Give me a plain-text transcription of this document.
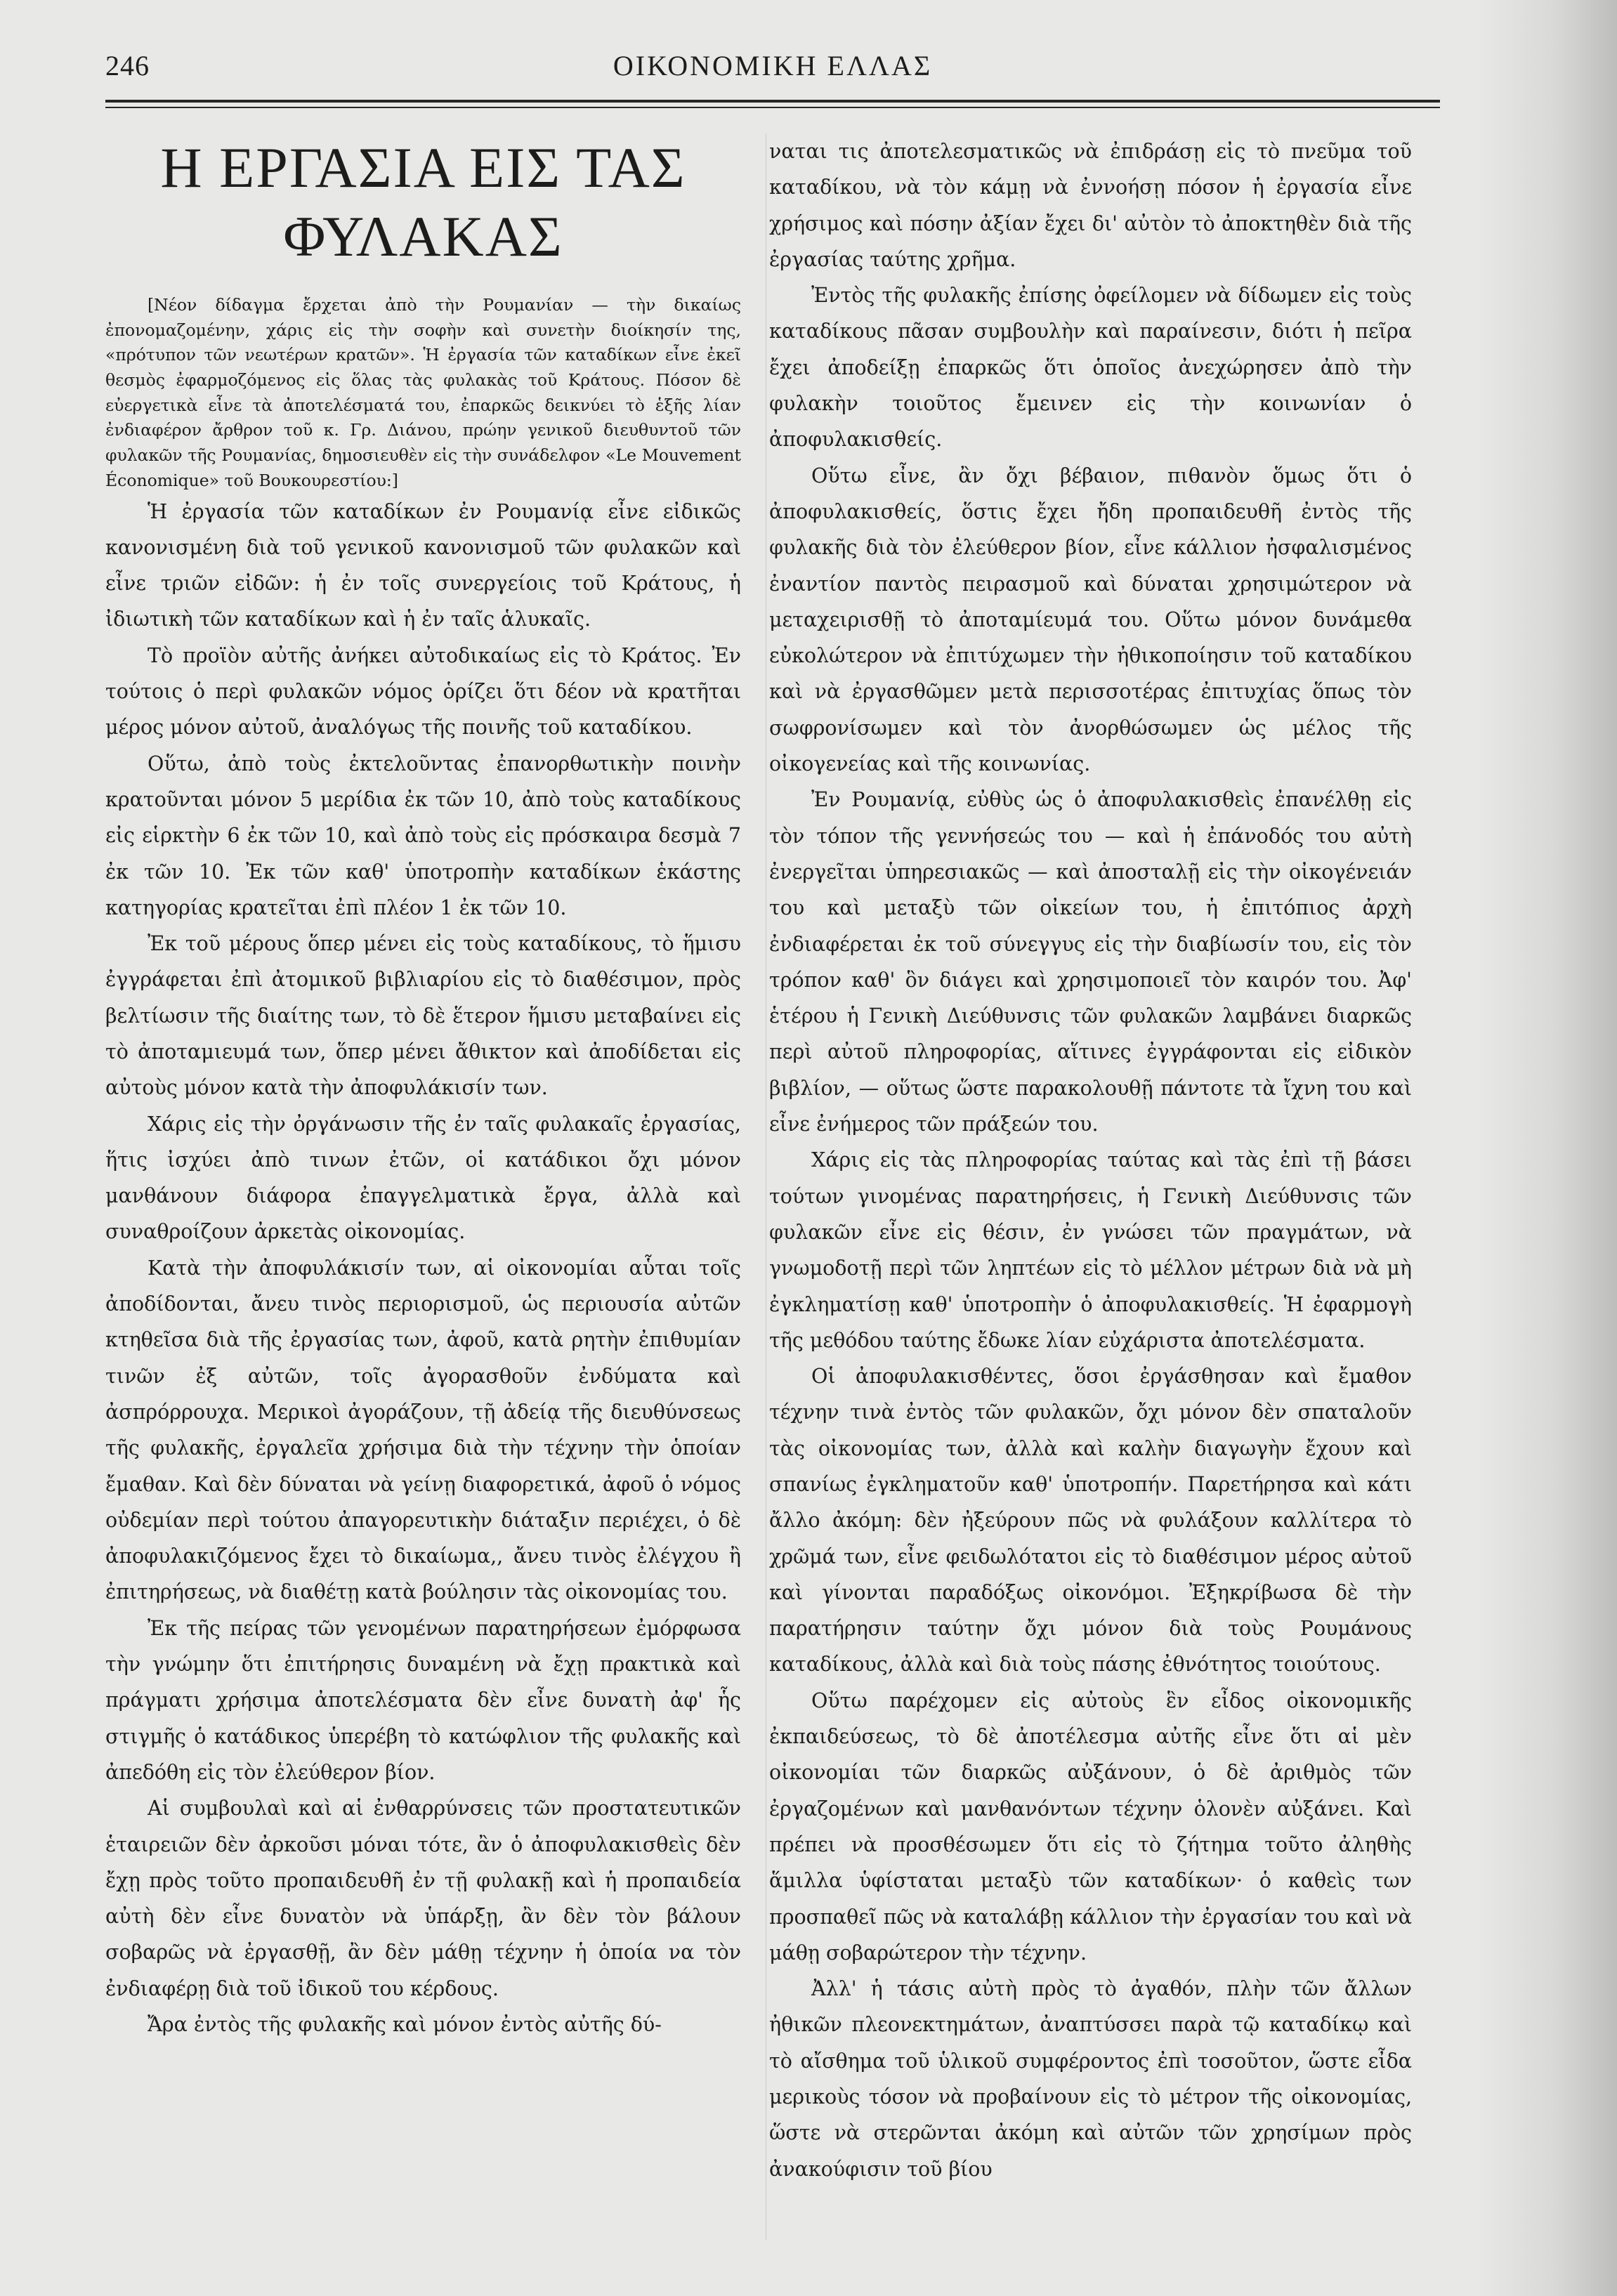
246	ΟΙΚΟΝΟΜΙΚΗ ΕΛΛΑΣ
Η ΕΡΓΑΣΙΑ ΕΙΣ ΤΑΣ ΦΥΛΑΚΑΣ

[Νέον δίδαγμα ἔρχεται ἀπὸ τὴν Ρουμανίαν — τὴν δικαίως ἐπονομαζομένην, χάρις εἰς τὴν σοφὴν καὶ συνετὴν διοίκησίν της, «πρότυπον τῶν νεωτέρων κρατῶν». Ἡ ἐργασία τῶν καταδίκων εἶνε ἐκεῖ θεσμὸς ἐφαρμοζόμενος εἰς ὅλας τὰς φυλακὰς τοῦ Κράτους. Πόσον δὲ εὐεργετικὰ εἶνε τὰ ἀποτελέσματά του, ἐπαρκῶς δεικνύει τὸ ἑξῆς λίαν ἐνδιαφέρον ἄρθρον τοῦ κ. Γρ. Διάνου, πρώην γενικοῦ διευθυντοῦ τῶν φυλακῶν τῆς Ρουμανίας, δημοσιευθὲν εἰς τὴν συνάδελφον «Le Mouvement Économique» τοῦ Βουκουρεστίου:]

Ἡ ἐργασία τῶν καταδίκων ἐν Ρουμανίᾳ εἶνε εἰδικῶς κανονισμένη διὰ τοῦ γενικοῦ κανονισμοῦ τῶν φυλακῶν καὶ εἶνε τριῶν εἰδῶν: ἡ ἐν τοῖς συνεργείοις τοῦ Κράτους, ἡ ἰδιωτικὴ τῶν καταδίκων καὶ ἡ ἐν ταῖς ἁλυκαῖς.

Τὸ προϊὸν αὐτῆς ἀνήκει αὐτοδικαίως εἰς τὸ Κράτος. Ἐν τούτοις ὁ περὶ φυλακῶν νόμος ὁρίζει ὅτι δέον νὰ κρατῆται μέρος μόνον αὐτοῦ, ἀναλόγως τῆς ποινῆς τοῦ καταδίκου.

Οὕτω, ἀπὸ τοὺς ἐκτελοῦντας ἐπανορθωτικὴν ποινὴν κρατοῦνται μόνον 5 μερίδια ἐκ τῶν 10, ἀπὸ τοὺς καταδίκους εἰς εἱρκτὴν 6 ἐκ τῶν 10, καὶ ἀπὸ τοὺς εἰς πρόσκαιρα δεσμὰ 7 ἐκ τῶν 10. Ἐκ τῶν καθ' ὑποτροπὴν καταδίκων ἑκάστης κατηγορίας κρατεῖται ἐπὶ πλέον 1 ἐκ τῶν 10.

Ἐκ τοῦ μέρους ὅπερ μένει εἰς τοὺς καταδίκους, τὸ ἥμισυ ἐγγράφεται ἐπὶ ἀτομικοῦ βιβλιαρίου εἰς τὸ διαθέσιμον, πρὸς βελτίωσιν τῆς διαίτης των, τὸ δὲ ἕτερον ἥμισυ μεταβαίνει εἰς τὸ ἀποταμιευμά των, ὅπερ μένει ἄθικτον καὶ ἀποδίδεται εἰς αὐτοὺς μόνον κατὰ τὴν ἀποφυλάκισίν των.

Χάρις εἰς τὴν ὀργάνωσιν τῆς ἐν ταῖς φυλακαῖς ἐργασίας, ἥτις ἰσχύει ἀπὸ τινων ἐτῶν, οἱ κατάδικοι ὄχι μόνον μανθάνουν διάφορα ἐπαγγελματικὰ ἔργα, ἀλλὰ καὶ συναθροίζουν ἀρκετὰς οἰκονομίας.

Κατὰ τὴν ἀποφυλάκισίν των, αἱ οἰκονομίαι αὗται τοῖς ἀποδίδονται, ἄνευ τινὸς περιορισμοῦ, ὡς περιουσία αὐτῶν κτηθεῖσα διὰ τῆς ἐργασίας των, ἀφοῦ, κατὰ ρητὴν ἐπιθυμίαν τινῶν ἐξ αὐτῶν, τοῖς ἀγορασθοῦν ἐνδύματα καὶ ἀσπρόρρουχα. Μερικοὶ ἀγοράζουν, τῇ ἀδείᾳ τῆς διευθύνσεως τῆς φυλακῆς, ἐργαλεῖα χρήσιμα διὰ τὴν τέχνην τὴν ὁποίαν ἔμαθαν. Καὶ δὲν δύναται νὰ γείνῃ διαφορετικά, ἀφοῦ ὁ νόμος οὐδεμίαν περὶ τούτου ἀπαγορευτικὴν διάταξιν περιέχει, ὁ δὲ ἀποφυλακιζόμενος ἔχει τὸ δικαίωμα,, ἄνευ τινὸς ἐλέγχου ἢ ἐπιτηρήσεως, νὰ διαθέτῃ κατὰ βούλησιν τὰς οἰκονομίας του.

Ἐκ τῆς πείρας τῶν γενομένων παρατηρήσεων ἐμόρφωσα τὴν γνώμην ὅτι ἐπιτήρησις δυναμένη νὰ ἔχῃ πρακτικὰ καὶ πράγματι χρήσιμα ἀποτελέσματα δὲν εἶνε δυνατὴ ἀφ' ἧς στιγμῆς ὁ κατάδικος ὑπερέβη τὸ κατώφλιον τῆς φυλακῆς καὶ ἀπεδόθη εἰς τὸν ἐλεύθερον βίον.

Αἱ συμβουλαὶ καὶ αἱ ἐνθαρρύνσεις τῶν προστατευτικῶν ἑταιρειῶν δὲν ἀρκοῦσι μόναι τότε, ἂν ὁ ἀποφυλακισθεὶς δὲν ἔχῃ πρὸς τοῦτο προπαιδευθῆ ἐν τῇ φυλακῇ καὶ ἡ προπαιδεία αὐτὴ δὲν εἶνε δυνατὸν νὰ ὑπάρξῃ, ἂν δὲν τὸν βάλουν σοβαρῶς νὰ ἐργασθῇ, ἂν δὲν μάθῃ τέχνην ἡ ὁποία να τὸν ἐνδιαφέρῃ διὰ τοῦ ἰδικοῦ του κέρδους.

Ἄρα ἐντὸς τῆς φυλακῆς καὶ μόνον ἐντὸς αὐτῆς δύ-

ναται τις ἀποτελεσματικῶς νὰ ἐπιδράσῃ εἰς τὸ πνεῦμα τοῦ καταδίκου, νὰ τὸν κάμῃ νὰ ἐννοήσῃ πόσον ἡ ἐργασία εἶνε χρήσιμος καὶ πόσην ἀξίαν ἔχει δι' αὐτὸν τὸ ἀποκτηθὲν διὰ τῆς ἐργασίας ταύτης χρῆμα.

Ἐντὸς τῆς φυλακῆς ἐπίσης ὀφείλομεν νὰ δίδωμεν εἰς τοὺς καταδίκους πᾶσαν συμβουλὴν καὶ παραίνεσιν, διότι ἡ πεῖρα ἔχει ἀποδείξῃ ἐπαρκῶς ὅτι ὁποῖος ἀνεχώρησεν ἀπὸ τὴν φυλακὴν τοιοῦτος ἔμεινεν εἰς τὴν κοινωνίαν ὁ ἀποφυλακισθείς.

Οὕτω εἶνε, ἂν ὄχι βέβαιον, πιθανὸν ὅμως ὅτι ὁ ἀποφυλακισθείς, ὅστις ἔχει ἤδη προπαιδευθῆ ἐντὸς τῆς φυλακῆς διὰ τὸν ἐλεύθερον βίον, εἶνε κάλλιον ἠσφαλισμένος ἐναντίον παντὸς πειρασμοῦ καὶ δύναται χρησιμώτερον νὰ μεταχειρισθῇ τὸ ἀποταμίευμά του. Οὕτω μόνον δυνάμεθα εὐκολώτερον νὰ ἐπιτύχωμεν τὴν ἠθικοποίησιν τοῦ καταδίκου καὶ νὰ ἐργασθῶμεν μετὰ περισσοτέρας ἐπιτυχίας ὅπως τὸν σωφρονίσωμεν καὶ τὸν ἀνορθώσωμεν ὡς μέλος τῆς οἰκογενείας καὶ τῆς κοινωνίας.

Ἐν Ρουμανίᾳ, εὐθὺς ὡς ὁ ἀποφυλακισθεὶς ἐπανέλθῃ εἰς τὸν τόπον τῆς γεννήσεώς του — καὶ ἡ ἐπάνοδός του αὐτὴ ἐνεργεῖται ὑπηρεσιακῶς — καὶ ἀποσταλῇ εἰς τὴν οἰκογένειάν του καὶ μεταξὺ τῶν οἰκείων του, ἡ ἐπιτόπιος ἀρχὴ ἐνδιαφέρεται ἐκ τοῦ σύνεγγυς εἰς τὴν διαβίωσίν του, εἰς τὸν τρόπον καθ' ὃν διάγει καὶ χρησιμοποιεῖ τὸν καιρόν του. Ἀφ' ἑτέρου ἡ Γενικὴ Διεύθυνσις τῶν φυλακῶν λαμβάνει διαρκῶς περὶ αὐτοῦ πληροφορίας, αἵτινες ἐγγράφονται εἰς εἰδικὸν βιβλίον, — οὕτως ὥστε παρακολουθῇ πάντοτε τὰ ἴχνη του καὶ εἶνε ἐνήμερος τῶν πράξεών του.

Χάρις εἰς τὰς πληροφορίας ταύτας καὶ τὰς ἐπὶ τῇ βάσει τούτων γινομένας παρατηρήσεις, ἡ Γενικὴ Διεύθυνσις τῶν φυλακῶν εἶνε εἰς θέσιν, ἐν γνώσει τῶν πραγμάτων, νὰ γνωμοδοτῇ περὶ τῶν ληπτέων εἰς τὸ μέλλον μέτρων διὰ νὰ μὴ ἐγκληματίσῃ καθ' ὑποτροπὴν ὁ ἀποφυλακισθείς. Ἡ ἐφαρμογὴ τῆς μεθόδου ταύτης ἔδωκε λίαν εὐχάριστα ἀποτελέσματα.

Οἱ ἀποφυλακισθέντες, ὅσοι ἐργάσθησαν καὶ ἔμαθον τέχνην τινὰ ἐντὸς τῶν φυλακῶν, ὄχι μόνον δὲν σπαταλοῦν τὰς οἰκονομίας των, ἀλλὰ καὶ καλὴν διαγωγὴν ἔχουν καὶ σπανίως ἐγκληματοῦν καθ' ὑποτροπήν. Παρετήρησα καὶ κάτι ἄλλο ἀκόμη: δὲν ἠξεύρουν πῶς νὰ φυλάξουν καλλίτερα τὸ χρῶμά των, εἶνε φειδωλότατοι εἰς τὸ διαθέσιμον μέρος αὐτοῦ καὶ γίνονται παραδόξως οἰκονόμοι. Ἐξηκρίβωσα δὲ τὴν παρατήρησιν ταύτην ὄχι μόνον διὰ τοὺς Ρουμάνους καταδίκους, ἀλλὰ καὶ διὰ τοὺς πάσης ἐθνότητος τοιούτους.

Οὕτω παρέχομεν εἰς αὐτοὺς ἓν εἶδος οἰκονομικῆς ἐκπαιδεύσεως, τὸ δὲ ἀποτέλεσμα αὐτῆς εἶνε ὅτι αἱ μὲν οἰκονομίαι τῶν διαρκῶς αὐξάνουν, ὁ δὲ ἀριθμὸς τῶν ἐργαζομένων καὶ μανθανόντων τέχνην ὁλονὲν αὐξάνει. Καὶ πρέπει νὰ προσθέσωμεν ὅτι εἰς τὸ ζήτημα τοῦτο ἀληθὴς ἅμιλλα ὑφίσταται μεταξὺ τῶν καταδίκων· ὁ καθεὶς των προσπαθεῖ πῶς νὰ καταλάβῃ κάλλιον τὴν ἐργασίαν του καὶ νὰ μάθῃ σοβαρώτερον τὴν τέχνην.

Ἀλλ' ἡ τάσις αὐτὴ πρὸς τὸ ἀγαθόν, πλὴν τῶν ἄλλων ἠθικῶν πλεονεκτημάτων, ἀναπτύσσει παρὰ τῷ καταδίκῳ καὶ τὸ αἴσθημα τοῦ ὑλικοῦ συμφέροντος ἐπὶ τοσοῦτον, ὥστε εἶδα μερικοὺς τόσον νὰ προβαίνουν εἰς τὸ μέτρον τῆς οἰκονομίας, ὥστε νὰ στερῶνται ἀκόμη καὶ αὐτῶν τῶν χρησίμων πρὸς ἀνακούφισιν τοῦ βίου
